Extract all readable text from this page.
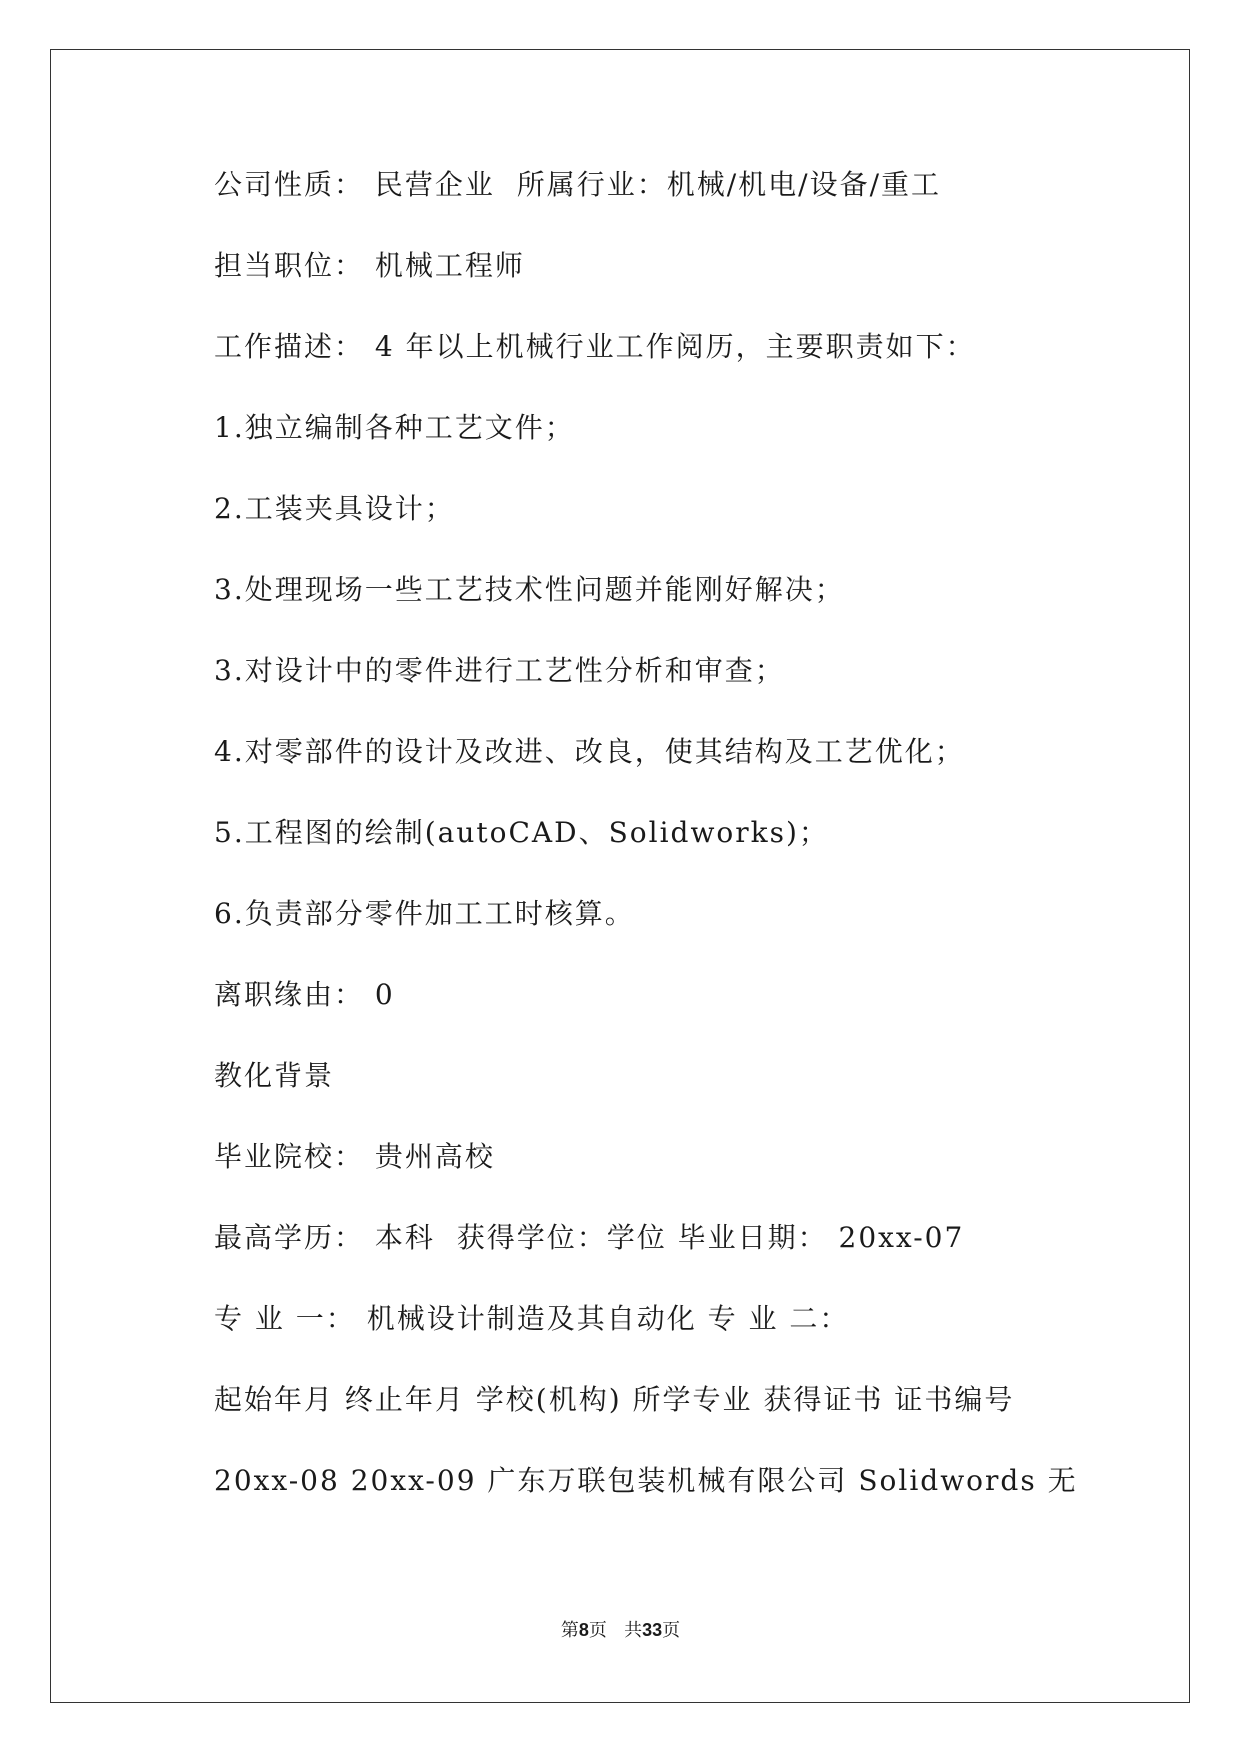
公司性质： 民营企业  所属行业：机械/机电/设备/重工
担当职位： 机械工程师
工作描述： 4 年以上机械行业工作阅历，主要职责如下：
1.独立编制各种工艺文件；
2.工装夹具设计；
3.处理现场一些工艺技术性问题并能刚好解决；
3.对设计中的零件进行工艺性分析和审查；
4.对零部件的设计及改进、改良，使其结构及工艺优化；
5.工程图的绘制(autoCAD、Solidworks)；
6.负责部分零件加工工时核算。
离职缘由： 0
教化背景
毕业院校： 贵州高校
最高学历： 本科  获得学位：学位 毕业日期： 20xx-07
专 业 一： 机械设计制造及其自动化 专 业 二：
起始年月 终止年月 学校(机构) 所学专业 获得证书 证书编号
20xx-08 20xx-09 广东万联包装机械有限公司 Solidwords 无
第8页 共33页
